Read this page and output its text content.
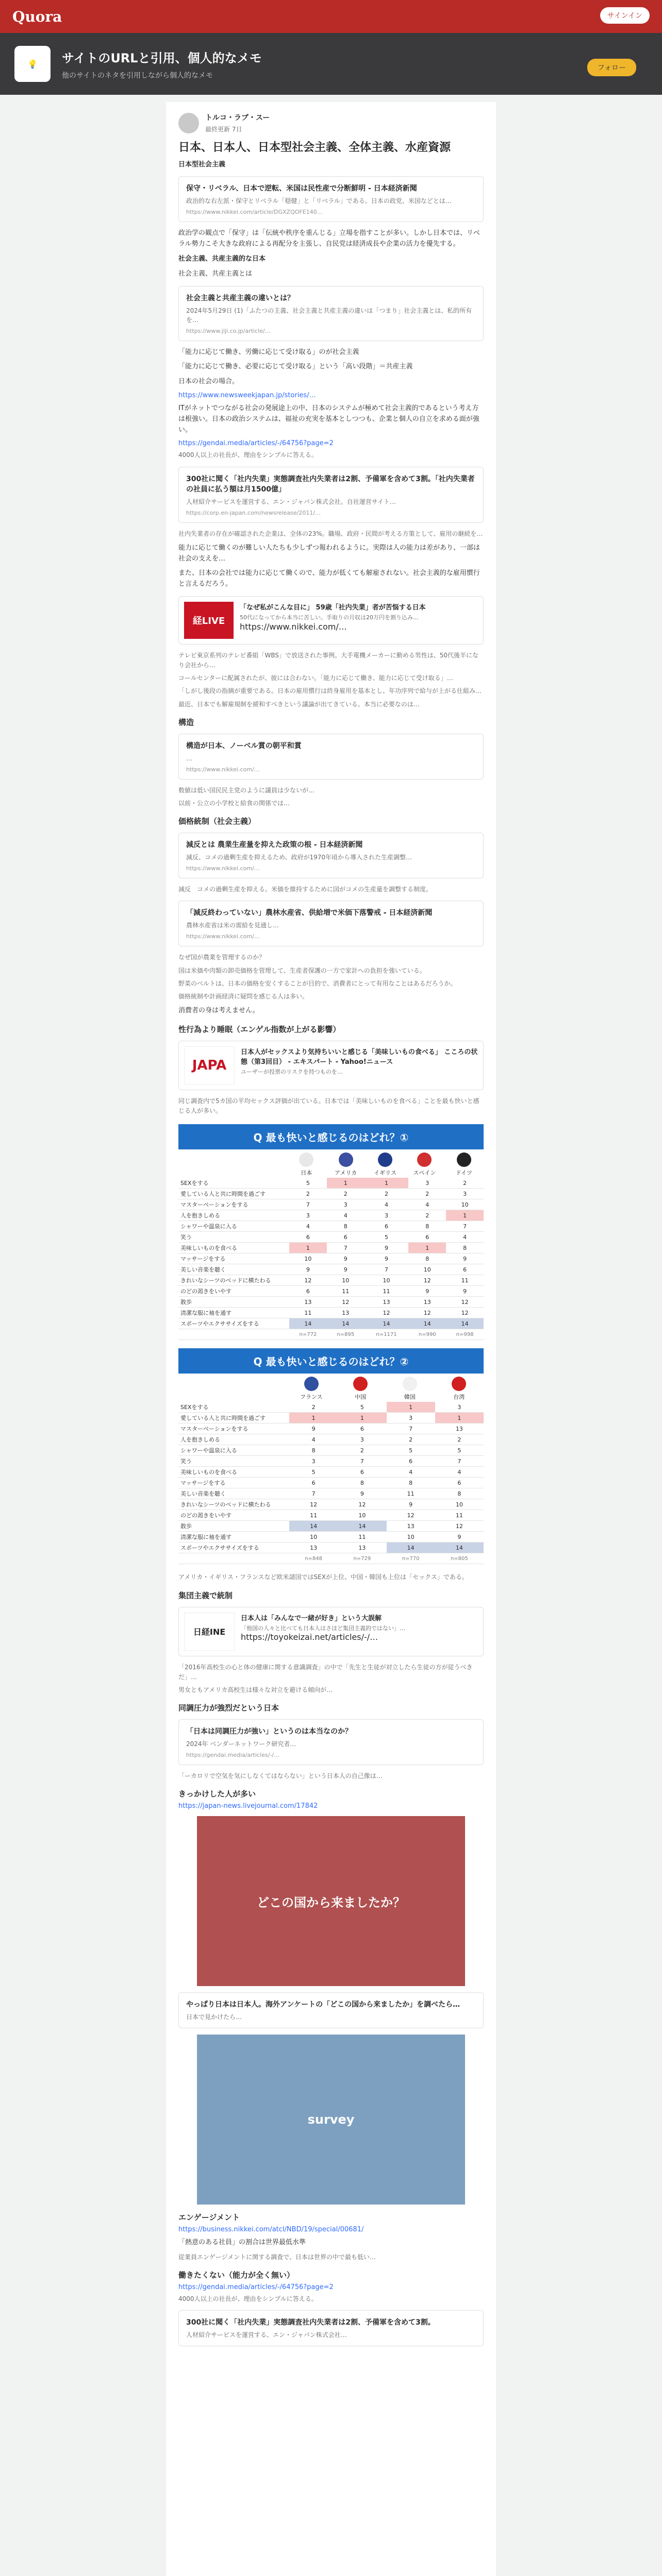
Quora	サインイン
💡	サイトのURLと引用、個人的なメモ
他のサイトのネタを引用しながら個人的なメモ
フォロー
トルコ・ラブ・スー
最終更新 7日
日本、日本人、日本型社会主義、全体主義、水産資源
日本型社会主義
保守・リベラル、日本で逆転、米国は民性産で分断鮮明 - 日本経済新聞
政治的な右左派・保守とリベラル「穏健」と「リベラル」である。日本の政党、米国などとは…
https://www.nikkei.com/article/DGXZQOFE140…
政治学の観点で「保守」は「伝統や秩序を重んじる」立場を指すことが多い。しかし日本では、リベラル勢力こそ大きな政府による再配分を主張し、自民党は経済成長や企業の活力を優先する。
社会主義、共産主義的な日本
社会主義、共産主義とは
社会主義と共産主義の違いとは？
2024年5月29日 (1)「ふたつの主義、社会主義と共産主義の違いは「つまり」社会主義とは、私的所有を…
https://www.jiji.co.jp/article/…
「能力に応じて働き、労働に応じて受け取る」のが社会主義
「能力に応じて働き、必要に応じて受け取る」という「高い段階」＝共産主義
日本の社会の場合。
https://www.newsweekjapan.jp/stories/…
ITがネットでつながる社会の発展途上の中、日本のシステムが極めて社会主義的であるという考え方は根強い。日本の政治システムは、福祉の充実を基本としつつも、企業と個人の自立を求める面が強い。
https://gendai.media/articles/-/64756?page=2
4000人以上の社長が、理由をシンプルに答える。
300社に聞く「社内失業」実態調査社内失業者は2割、予備軍を含めて3割。「社内失業者の社員に払う額は月1500億」
人材紹介サービスを運営する、エン・ジャパン株式会社。自社運営サイト…
https://corp.en-japan.com/newsrelease/2011/…
社内失業者の存在が確認された企業は、全体の23%。職場、政府・民間が考える方策として、雇用の継続を…
能力に応じて働くのが難しい人たちも少しずつ報われるように。実際は人の能力は差があり、一部は社会の支えを…
また、日本の会社では能力に応じて働くので、能力が低くても解雇されない。社会主義的な雇用慣行と言えるだろう。
経LIVE
「なぜ私がこんな目に」 59歳「社内失業」者が苦悩する日本
50代になってから本当に苦しい。手取りの月収は20万円を割り込み…
https://www.nikkei.com/…
テレビ東京系列のテレビ番組「WBS」で放送された事例。大手電機メーカーに勤める男性は、50代後半になり会社から…
コールセンターに配属されたが、彼には合わない。「能力に応じて働き、能力に応じて受け取る」…
「しがし後段の指摘が重要である。日本の雇用慣行は終身雇用を基本とし、年功序列で給与が上がる仕組み…
最近、日本でも解雇規制を緩和すべきという議論が出てきている。本当に必要なのは…
構造
構造が日本、ノーベル賞の朝平和賞
…
https://www.nikkei.com/…
数値は低い国民民主党のように議員は少ないが…
以前・公立の小学校と給食の関係では…
価格統制（社会主義）
減反とは 農業生産量を抑えた政策の根 - 日本経済新聞
減反、コメの過剰生産を抑えるため、政府が1970年頃から導入された生産調整…
https://www.nikkei.com/…
減反　コメの過剰生産を抑える。米価を維持するために国がコメの生産量を調整する制度。
「減反終わっていない」農林水産省、供給増で米価下落警戒 - 日本経済新聞
農林水産省は米の需給を見通し…
https://www.nikkei.com/…
なぜ国が農業を管理するのか？
国は米価や肉類の卸売価格を管理して、生産者保護の一方で家計への負担を強いている。
野菜のベルトは、日本の価格を安くすることが目的で、消費者にとって有用なことはあるだろうか。
価格統制や計画経済に疑問を感じる人は多い。
消費者の身は考えません。
性行為より睡眠（エンゲル指数が上がる影響）
JAPA
日本人がセックスより気持ちいいと感じる「美味しいもの食べる」 こころの状態（第3回目） - エキスパート - Yahoo!ニュース
ユーザーが投票のリスクを持つものを…
同じ調査内で5カ国の平均セックス評価が出ている。日本では「美味しいものを食べる」ことを最も快いと感じる人が多い。
Q 最も快いと感じるのはどれ？①
日本	アメリカ	イギリス	スペイン	ドイツ
SEXをする	5	1	1	3	2
愛している人と共に時間を過ごす	2	2	2	2	3
マスターベーションをする	7	3	4	4	10
人を抱きしめる	3	4	3	2	1
シャワーや温泉に入る	4	8	6	8	7
笑う	6	6	5	6	4
美味しいものを食べる	1	7	9	1	8
マッサージをする	10	9	9	8	9
美しい音楽を聴く	9	9	7	10	6
きれいなシーツのベッドに横たわる	12	10	10	12	11
のどの渇きをいやす	6	11	11	9	9
散歩	13	12	13	13	12
清潔な服に袖を通す	11	13	12	12	12
スポーツやエクササイズをする	14	14	14	14	14
	n=772	n=895	n=1171	n=990	n=998
Q 最も快いと感じるのはどれ？②
フランス	中国	韓国	台湾
SEXをする	2	5	1	3
愛している人と共に時間を過ごす	1	1	3	1
マスターベーションをする	9	6	7	13
人を抱きしめる	4	3	2	2
シャワーや温泉に入る	8	2	5	5
笑う	3	7	6	7
美味しいものを食べる	5	6	4	4
マッサージをする	6	8	8	6
美しい音楽を聴く	7	9	11	8
きれいなシーツのベッドに横たわる	12	12	9	10
のどの渇きをいやす	11	10	12	11
散歩	14	14	13	12
清潔な服に袖を通す	10	11	10	9
スポーツやエクササイズをする	13	13	14	14
	n=848	n=729	n=770	n=805
アメリカ・イギリス・フランスなど欧米諸国ではSEXが上位、中国・韓国も上位は「セックス」である。
集団主義で統制
日経INE
日本人は「みんなで一緒が好き」という大誤解
「他国の人々と比べても日本人はさほど集団主義的ではない」…
https://toyokeizai.net/articles/-/…
「2016年高校生の心と体の健康に関する意識調査」の中で「先生と生徒が対立したら生徒の方が従うべきだ」…
男女ともアメリカ高校生は様々な対立を避ける傾向が…
同調圧力が強烈だという日本
「日本は同調圧力が強い」というのは本当なのか？
2024年 ベンダーネットワーク研究者…
https://gendai.media/articles/-/…
「ーカロリで空気を気にしなくてはならない」という日本人の自己像は…
きっかけした人が多い
https://japan-news.livejournal.com/17842
どこの国から来ましたか？
やっぱり日本は日本人。海外アンケートの「どこの国から来ましたか」を調べたら…
日本で見かけたら…
survey
エンゲージメント
https://business.nikkei.com/atcl/NBD/19/special/00681/
「熱意のある社員」の割合は世界最低水準
従業員エンゲージメントに関する調査で、日本は世界の中で最も低い…
働きたくない（能力が全く無い）
https://gendai.media/articles/-/64756?page=2
4000人以上の社長が、理由をシンプルに答える。
300社に聞く「社内失業」実態調査社内失業者は2割、予備軍を含めて3割。
人材紹介サービスを運営する、エン・ジャパン株式会社…
